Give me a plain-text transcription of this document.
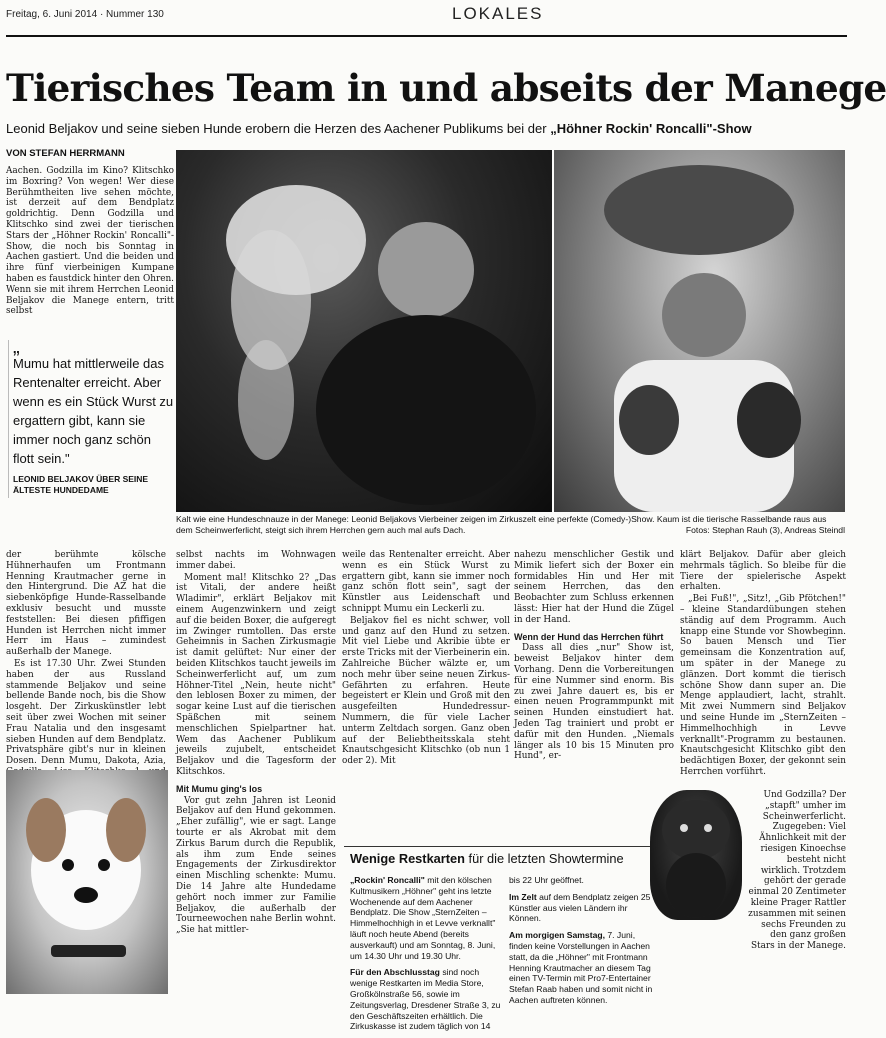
Freitag, 6. Juni 2014 · Nummer 130	LOKALES
Tierisches Team in und abseits der Manege
Leonid Beljakov und seine sieben Hunde erobern die Herzen des Aachener Publikums bei der „Höhner Rockin' Roncalli"-Show
VON STEFAN HERRMANN

Aachen. Godzilla im Kino? Klitschko im Boxring? Von wegen! Wer diese Berühmtheiten live sehen möchte, ist derzeit auf dem Bendplatz goldrichtig. Denn Godzilla und Klitschko sind zwei der tierischen Stars der „Höhner Rockin' Roncalli"-Show, die noch bis Sonntag in Aachen gastiert. Und die beiden und ihre fünf vierbeinigen Kumpane haben es faustdick hinter den Ohren. Wenn sie mit ihrem Herrchen Leonid Beljakov die Manege entern, tritt selbst

„
Mumu hat mittlerweile das Rentenalter erreicht. Aber wenn es ein Stück Wurst zu ergattern gibt, kann sie immer noch ganz schön flott sein."
LEONID BELJAKOV ÜBER SEINE ÄLTESTE HUNDEDAME
Kalt wie eine Hundeschnauze in der Manege: Leonid Beljakovs Vierbeiner zeigen im Zirkuszelt eine perfekte (Comedy-)Show. Kaum ist die tierische Rasselbande raus aus dem Scheinwerferlicht, steigt sich ihrem Herrchen gern auch mal aufs Dach.	Fotos: Stephan Rauh (3), Andreas Steindl

der berühmte kölsche Hühnerhaufen um Frontmann Henning Krautmacher gerne in den Hintergrund. Die AZ hat die siebenköpfige Hunde-Rasselbande exklusiv besucht und musste feststellen: Bei diesen pfiffigen Hunden ist Herrchen nicht immer Herr im Haus – zumindest außerhalb der Manege.

Es ist 17.30 Uhr. Zwei Stunden haben der aus Russland stammende Beljakov und seine bellende Bande noch, bis die Show losgeht. Der Zirkuskünstler lebt seit über zwei Wochen mit seiner Frau Natalia und den insgesamt sieben Hunden auf dem Bendplatz. Privatsphäre gibt's nur in kleinen Dosen. Denn Mumu, Dakota, Azia,

selbst nachts im Wohnwagen immer dabei.

Moment mal! Klitschko 2? „Das ist Vitali, der andere heißt Wladimir", erklärt Beljakov mit einem Augenzwinkern und zeigt auf die beiden Boxer, die aufgeregt im Zwinger rumtollen. Das erste Geheimnis in Sachen Zirkusmagie ist damit gelüftet: Nur einer der beiden Klitschkos taucht jeweils im Scheinwerferlicht auf, um zum Höhner-Titel „Nein, heute nicht" den leblosen Boxer zu mimen, der sogar keine Lust auf die tierischen Späßchen mit seinem menschlichen Spielpartner hat. Wem das Aachener Publikum jeweils zujubelt, entscheidet Beljakov und die Tagesform der Klitschkos.

Mit Mumu ging's los

Vor gut zehn Jahren ist Leonid Beljakov auf den Hund gekommen. „Eher zufällig", wie er sagt. Lange tourte er als Akrobat mit dem Zirkus Barum durch die Republik, als ihm zum Ende seines Engagements der Zirkusdirektor einen Mischling schenkte: Mumu. Die 14 Jahre alte Hundedame gehört noch immer zur Familie Beljakov, die außerhalb der Tourneewochen nahe Berlin wohnt. „Sie hat mittler-

weile das Rentenalter erreicht. Aber wenn es ein Stück Wurst zu ergattern gibt, kann sie immer noch ganz schön flott sein", sagt der Künstler aus Leidenschaft und schnippt Mumu ein Leckerli zu.

Beljakov fiel es nicht schwer, voll und ganz auf den Hund zu setzen. Mit viel Liebe und Akribie übte er erste Tricks mit der Vierbeinerin ein. Zahlreiche Bücher wälzte er, um noch mehr über seine neuen Zirkus-Gefährten zu erfahren. Heute begeistert er Klein und Groß mit den ausgefeilten Hundedressur-Nummern, die für viele Lacher unterm Zeltdach sorgen. Ganz oben auf der Beliebtheitsskala steht Knautschgesicht Klitschko (ob nun 1 oder 2). Mit

nahezu menschlicher Gestik und Mimik liefert sich der Boxer ein formidables Hin und Her mit seinem Herrchen, das den Beobachter zum Schluss erkennen lässt: Hier hat der Hund die Zügel in der Hand.

Wenn der Hund das Herrchen führt

Dass all dies „nur" Show ist, beweist Beljakov hinter dem Vorhang. Denn die Vorbereitungen für eine Nummer sind enorm. Bis zu zwei Jahre dauert es, bis er einen neuen Programmpunkt mit seinen Hunden einstudiert hat. Jeden Tag trainiert und probt er dafür mit den Hunden. „Niemals länger als 10 bis 15 Minuten pro Hund", er-

klärt Beljakov. Dafür aber gleich mehrmals täglich. So bleibe für die Tiere der spielerische Aspekt erhalten.

„Bei Fuß!", „Sitz!, „Gib Pfötchen!" – kleine Standardübungen stehen ständig auf dem Programm. Auch knapp eine Stunde vor Showbeginn. So bauen Mensch und Tier gemeinsam die Konzentration auf, um später in der Manege zu glänzen. Dort kommt die tierisch schöne Show dann super an. Die Menge applaudiert, lacht, strahlt. Mit zwei Nummern sind Beljakov und seine Hunde im „SternZeiten – Himmelhochhigh in Levve verknallt"-Programm zu bestaunen. Knautschgesicht Klitschko gibt den bedächtigen Boxer, der gekonnt sein Herrchen vorführt.

Wenige Restkarten für die letzten Showtermine

„Rockin' Roncalli" mit den kölschen Kultmusikern „Höhner" geht ins letzte Wochenende auf dem Aachener Bendplatz. Die Show „SternZeiten – Himmelhochhigh in et Levve verknallt" läuft noch heute Abend (bereits ausverkauft) und am Sonntag, 8. Juni, um 14.30 Uhr und 19.30 Uhr.

Für den Abschlusstag sind noch wenige Restkarten im Media Store, Großkölnstraße 56, sowie im Zeitungsverlag, Dresdener Straße 3, zu den Geschäftszeiten erhältlich. Die Zirkuskasse ist zudem täglich von 14

bis 22 Uhr geöffnet.

Im Zelt auf dem Bendplatz zeigen 25 Künstler aus vielen Ländern ihr Können.

Am morgigen Samstag, 7. Juni, finden keine Vorstellungen in Aachen statt, da die „Höhner" mit Frontmann Henning Krautmacher an diesem Tag einen TV-Termin mit Pro7-Entertainer Stefan Raab haben und somit nicht in Aachen auftreten können.

Und Godzilla? Der „stapft" umher im Scheinwerferlicht. Zugegeben: Viel Ähnlichkeit mit der riesigen Kinoechse besteht nicht wirklich. Trotzdem gehört der gerade einmal 20 Zentimeter kleine Prager Rattler zusammen mit seinen sechs Freunden zu den ganz großen Stars in der Manege.
